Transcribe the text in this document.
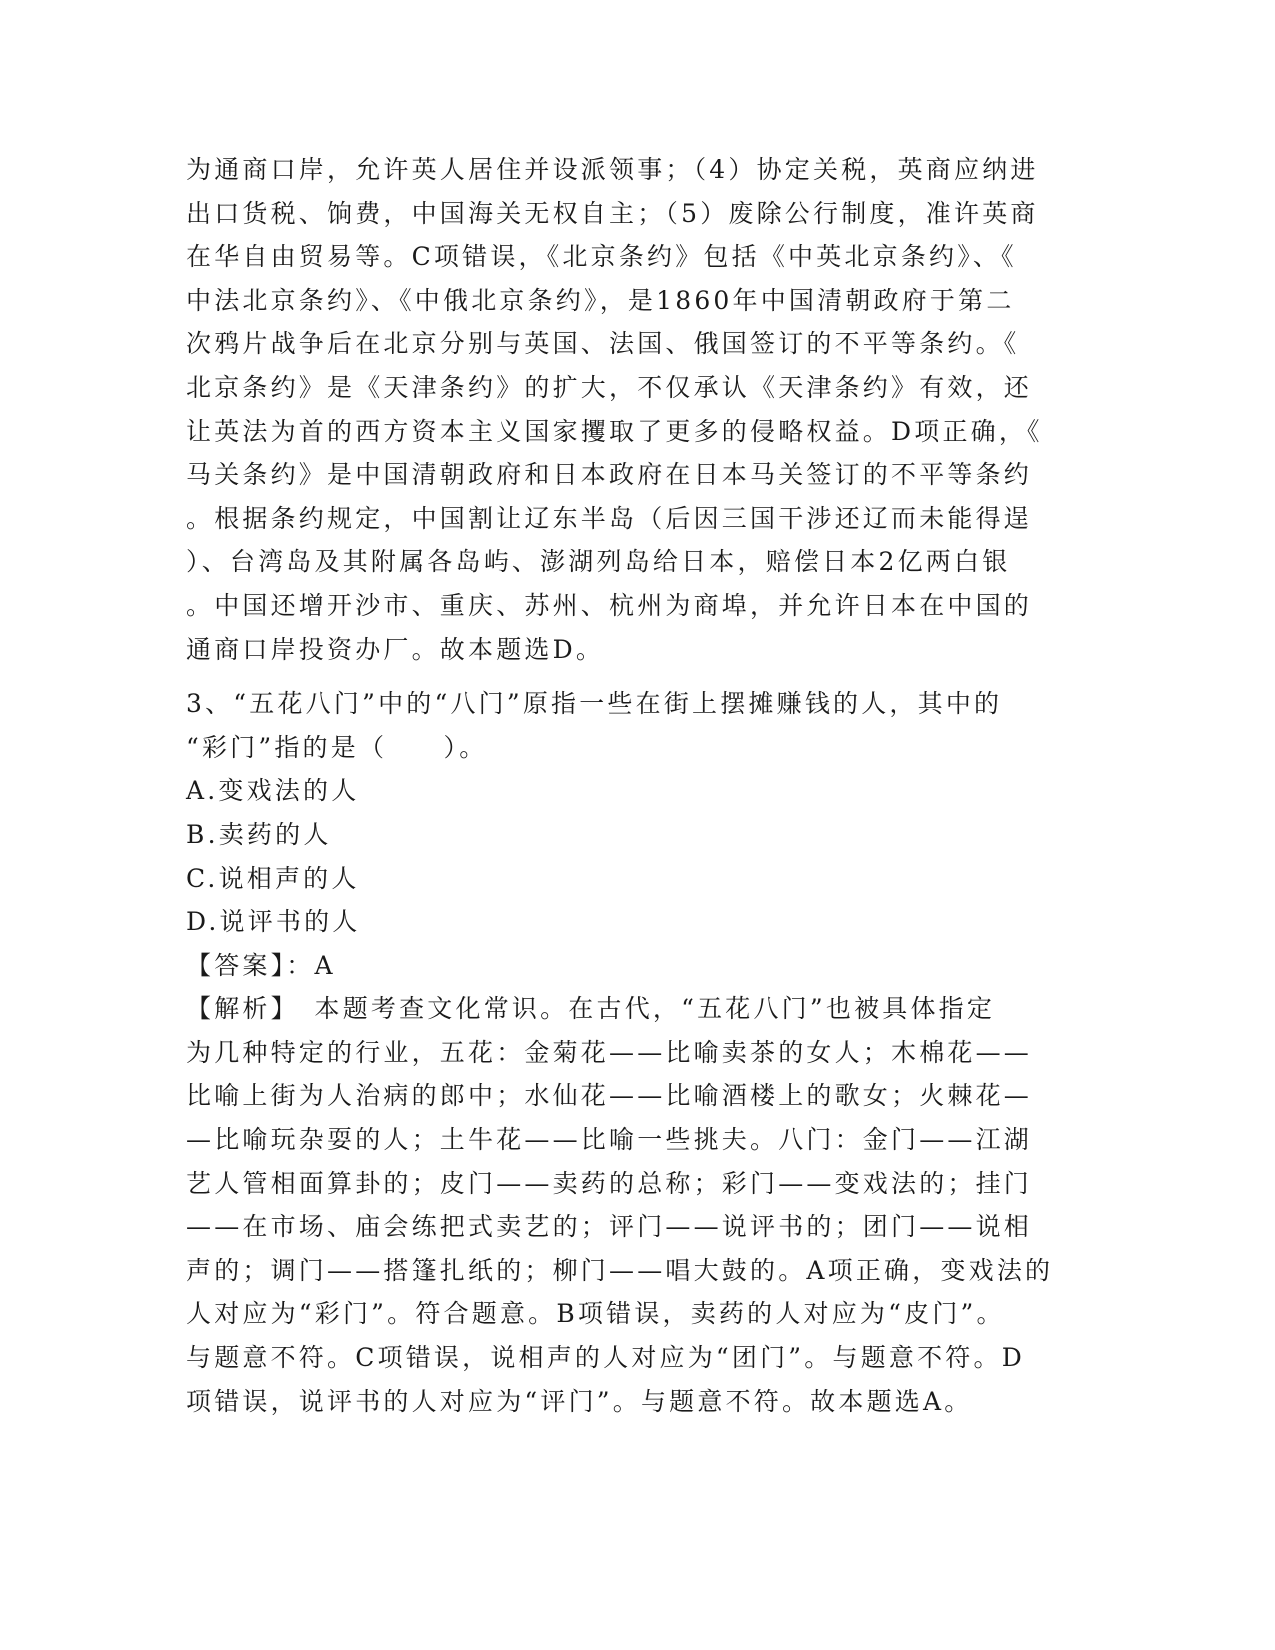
为通商口岸，允许英人居住并设派领事；（4）协定关税，英商应纳进
出口货税、饷费，中国海关无权自主；（5）废除公行制度，准许英商
在华自由贸易等。C项错误，《北京条约》包括《中英北京条约》、《
中法北京条约》、《中俄北京条约》，是1860年中国清朝政府于第二
次鸦片战争后在北京分别与英国、法国、俄国签订的不平等条约。《
北京条约》是《天津条约》的扩大，不仅承认《天津条约》有效，还
让英法为首的西方资本主义国家攫取了更多的侵略权益。D项正确，《
马关条约》是中国清朝政府和日本政府在日本马关签订的不平等条约
。根据条约规定，中国割让辽东半岛（后因三国干涉还辽而未能得逞
）、台湾岛及其附属各岛屿、澎湖列岛给日本，赔偿日本2亿两白银
。中国还增开沙市、重庆、苏州、杭州为商埠，并允许日本在中国的
通商口岸投资办厂。故本题选D。
3、“五花八门”中的“八门”原指一些在街上摆摊赚钱的人，其中的
“彩门”指的是（　　）。
A.变戏法的人
B.卖药的人
C.说相声的人
D.说评书的人
【答案】：A
【解析】　本题考查文化常识。在古代，“五花八门”也被具体指定
为几种特定的行业，五花：金菊花——比喻卖茶的女人；木棉花——
比喻上街为人治病的郎中；水仙花——比喻酒楼上的歌女；火棘花—
—比喻玩杂耍的人；土牛花——比喻一些挑夫。八门：金门——江湖
艺人管相面算卦的；皮门——卖药的总称；彩门——变戏法的；挂门
——在市场、庙会练把式卖艺的；评门——说评书的；团门——说相
声的；调门——搭篷扎纸的；柳门——唱大鼓的。A项正确，变戏法的
人对应为“彩门”。符合题意。B项错误，卖药的人对应为“皮门”。
与题意不符。C项错误，说相声的人对应为“团门”。与题意不符。D
项错误，说评书的人对应为“评门”。与题意不符。故本题选A。
